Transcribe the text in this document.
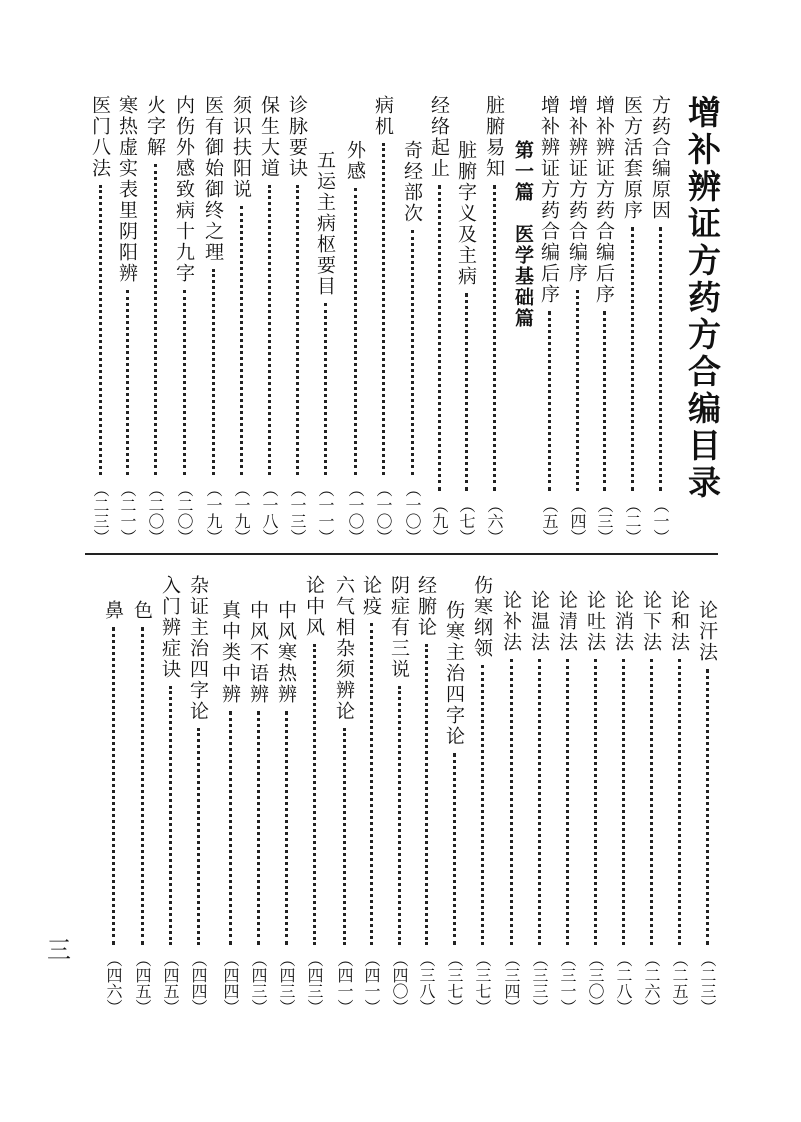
增补辨证方药方合编目录
方药合编原因
（一）
医方活套原序
（二）
增补辨证方药合编后序
（三）
增补辨证方药合编序
（四）
增补辨证方药合编后序
（五）
第一篇　医学基础篇
脏腑易知
（六）
脏腑字义及主病
（七）
经络起止
（九）
奇经部次
（一〇）
病机
（一〇）
外感
（一〇）
五运主病枢要目
（一一）
诊脉要诀
（一三）
保生大道
（一八）
须识扶阳说
（一九）
医有御始御终之理
（一九）
内伤外感致病十九字
（二〇）
火字解
（二〇）
寒热虚实表里阴阳辨
（二一）
医门八法
（二三）
论汗法
（二三）
论和法
（二五）
论下法
（二六）
论消法
（二八）
论吐法
（三〇）
论清法
（三一）
论温法
（三三）
论补法
（三四）
伤寒纲领
（三七）
伤寒主治四字论
（三七）
经腑论
（三八）
阴症有三说
（四〇）
论疫
（四一）
六气相杂须辨论
（四一）
论中风
（四三）
中风寒热辨
（四三）
中风不语辨
（四三）
真中类中辨
（四四）
杂证主治四字论
（四四）
入门辨症诀
（四五）
色
（四五）
鼻
（四六）
三
